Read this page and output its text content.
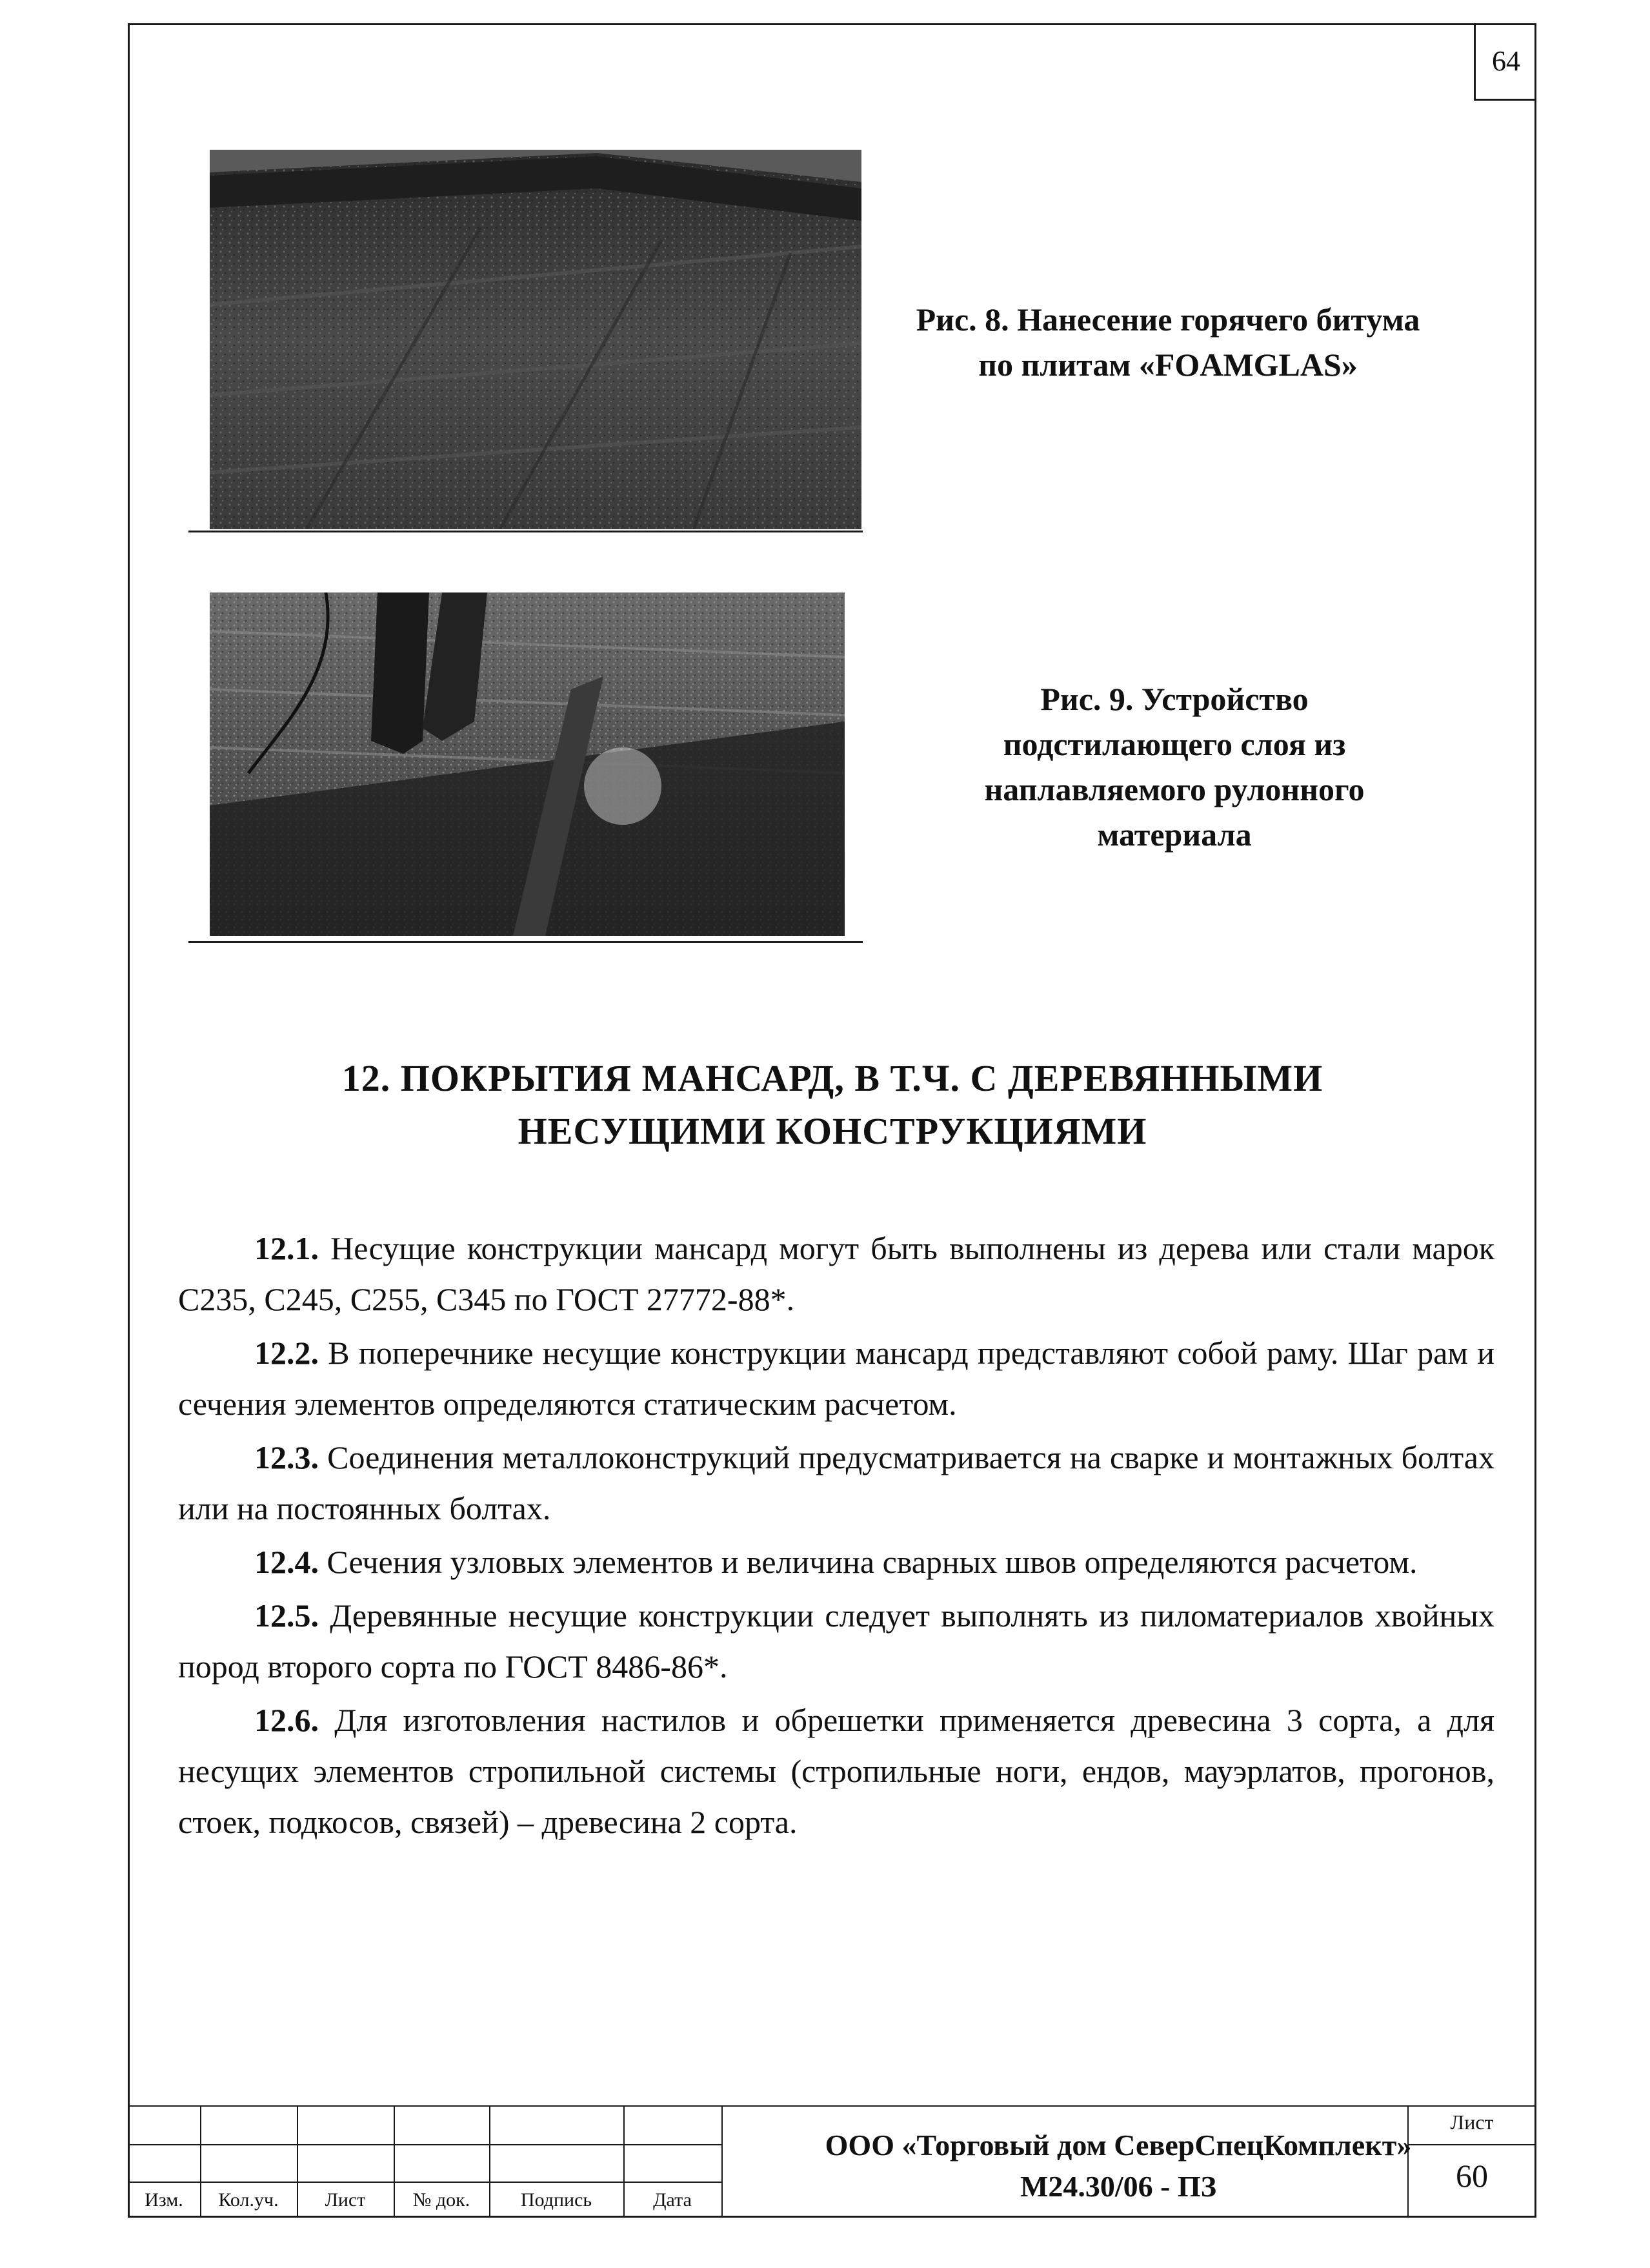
64
Рис. 8. Нанесение горячего битума
по плитам «FOAMGLAS»
Рис. 9. Устройство
подстилающего слоя из
наплавляемого рулонного
материала
12. ПОКРЫТИЯ МАНСАРД, В Т.Ч. С ДЕРЕВЯННЫМИ
НЕСУЩИМИ КОНСТРУКЦИЯМИ

12.1. Несущие конструкции мансард могут быть выполнены из дерева или стали марок С235, С245, С255, С345 по ГОСТ 27772-88*.

12.2. В поперечнике несущие конструкции мансард представляют собой раму. Шаг рам и сечения элементов определяются статическим расчетом.

12.3. Соединения металлоконструкций предусматривается на сварке и монтажных болтах или на постоянных болтах.

12.4. Сечения узловых элементов и величина сварных швов определяются расчетом.

12.5. Деревянные несущие конструкции следует выполнять из пиломатериалов хвойных пород второго сорта по ГОСТ 8486-86*.

12.6. Для изготовления настилов и обрешетки применяется древесина 3 сорта, а для несущих элементов стропильной системы (стропильные ноги, ендов, мауэрлатов, прогонов, стоек, подкосов, связей) – древесина 2 сорта.

Изм.	Кол.уч.	Лист	№ док.	Подпись	Дата
ООО «Торговый дом СеверСпецКомплект»
М24.30/06 - ПЗ
Лист
60
